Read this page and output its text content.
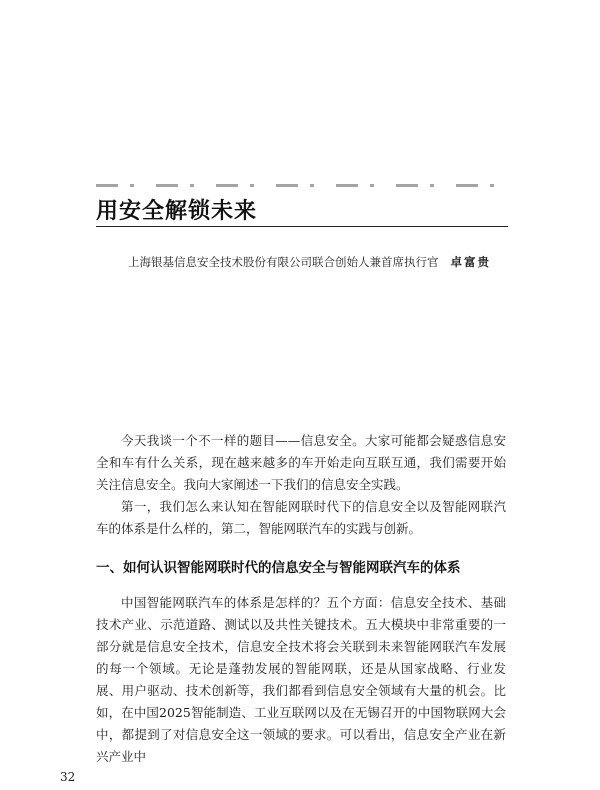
用安全解锁未来
上海银基信息安全技术股份有限公司联合创始人兼首席执行官 卓富贵

今天我谈一个不一样的题目——信息安全。大家可能都会疑惑信息安全和车有什么关系，现在越来越多的车开始走向互联互通，我们需要开始关注信息安全。我向大家阐述一下我们的信息安全实践。

第一，我们怎么来认知在智能网联时代下的信息安全以及智能网联汽车的体系是什么样的，第二，智能网联汽车的实践与创新。

一、如何认识智能网联时代的信息安全与智能网联汽车的体系

中国智能网联汽车的体系是怎样的？五个方面：信息安全技术、基础技术产业、示范道路、测试以及共性关键技术。五大模块中非常重要的一部分就是信息安全技术，信息安全技术将会关联到未来智能网联汽车发展的每一个领域。无论是蓬勃发展的智能网联，还是从国家战略、行业发展、用户驱动、技术创新等，我们都看到信息安全领域有大量的机会。比如，在中国2025智能制造、工业互联网以及在无锡召开的中国物联网大会中，都提到了对信息安全这一领域的要求。可以看出，信息安全产业在新兴产业中

32
